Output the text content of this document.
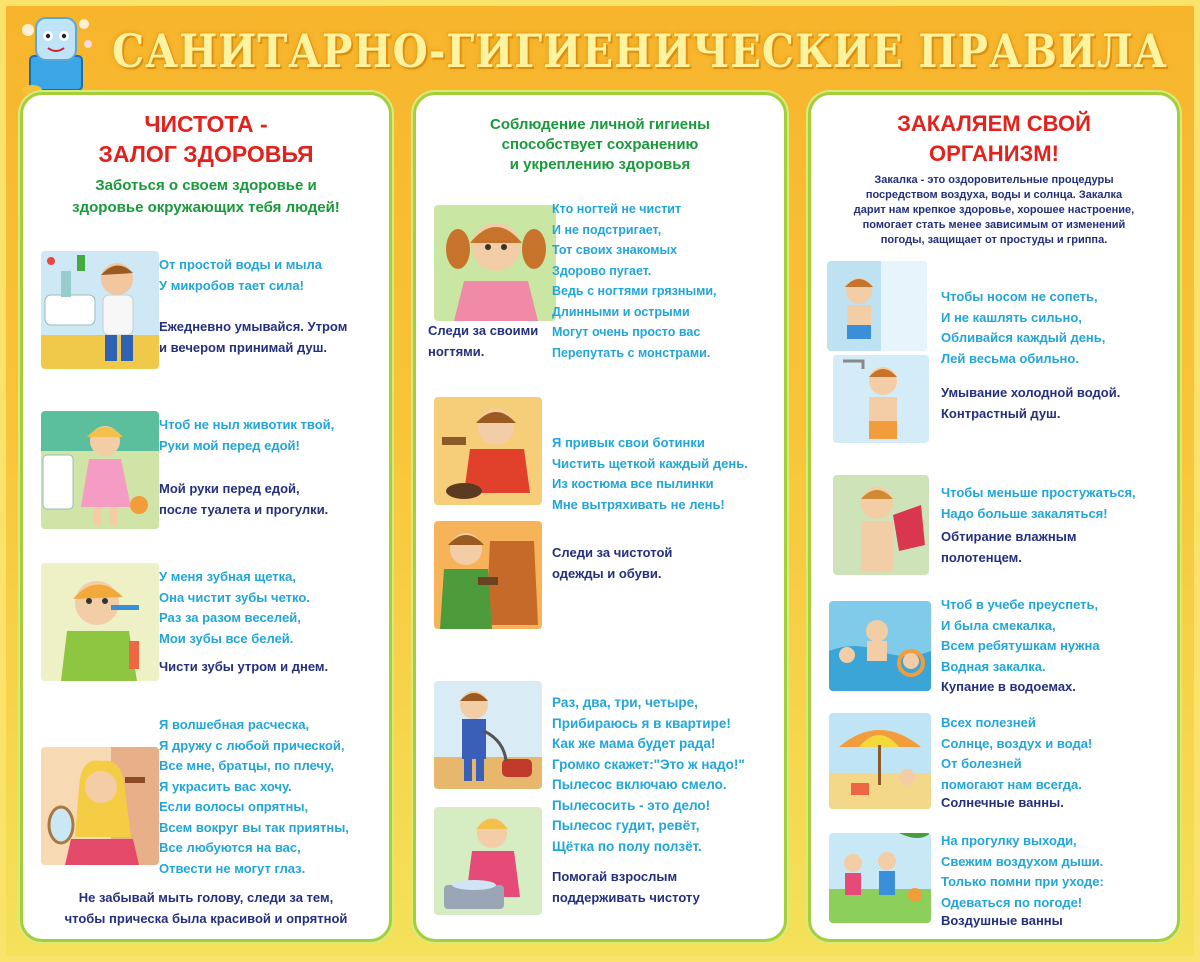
САНИТАРНО-ГИГИЕНИЧЕСКИЕ ПРАВИЛА
ЧИСТОТА -
ЗАЛОГ ЗДОРОВЬЯ
Заботься о своем здоровье и
здоровье окружающих тебя людей!
От простой воды и мыла
У микробов тает сила!
Ежедневно умывайся. Утром
и вечером принимай душ.
Чтоб не ныл животик твой,
Руки мой перед едой!
Мой руки перед едой,
после туалета и прогулки.
У меня зубная щетка,
Она чистит зубы четко.
Раз за разом веселей,
Мои зубы все белей.
Чисти зубы утром и днем.
Я волшебная расческа,
Я дружу с любой прической,
Все мне, братцы, по плечу,
Я украсить вас хочу.
Если волосы опрятны,
Всем вокруг вы так приятны,
Все любуются на вас,
Отвести не могут глаз.
Не забывай мыть голову, следи за тем,
чтобы прическа была красивой и опрятной
Соблюдение личной гигиены
способствует сохранению
и укреплению здоровья
Кто ногтей не чистит
И не подстригает,
Тот своих знакомых
Здорово пугает.
Ведь с ногтями грязными,
Длинными и острыми
Могут очень просто вас
Перепутать с монстрами.
Следи за своими
ногтями.
Я привык свои ботинки
Чистить щеткой каждый день.
Из костюма все пылинки
Мне вытряхивать не лень!
Следи за чистотой
одежды и обуви.
Раз, два, три, четыре,
Прибираюсь я в квартире!
Как же мама будет рада!
Громко скажет:"Это ж надо!"
Пылесос включаю смело.
Пылесосить - это дело!
Пылесос гудит, ревёт,
Щётка по полу ползёт.
Помогай взрослым
поддерживать чистоту
ЗАКАЛЯЕМ СВОЙ
ОРГАНИЗМ!
Закалка - это оздоровительные процедуры
посредством воздуха, воды и солнца. Закалка
дарит нам крепкое здоровье, хорошее настроение,
помогает стать менее зависимым от изменений
погоды, защищает от простуды и гриппа.
Чтобы носом не сопеть,
И не кашлять сильно,
Обливайся каждый день,
Лей весьма обильно.
Умывание холодной водой.
Контрастный душ.
Чтобы меньше простужаться,
Надо больше закаляться!
Обтирание влажным
полотенцем.
Чтоб в учебе преуспеть,
И была смекалка,
Всем ребятушкам нужна
Водная закалка.
Купание в водоемах.
Всех полезней
Солнце, воздух и вода!
От болезней
помогают нам всегда.
Солнечные ванны.
На прогулку выходи,
Свежим воздухом дыши.
Только помни при уходе:
Одеваться по погоде!
Воздушные ванны
